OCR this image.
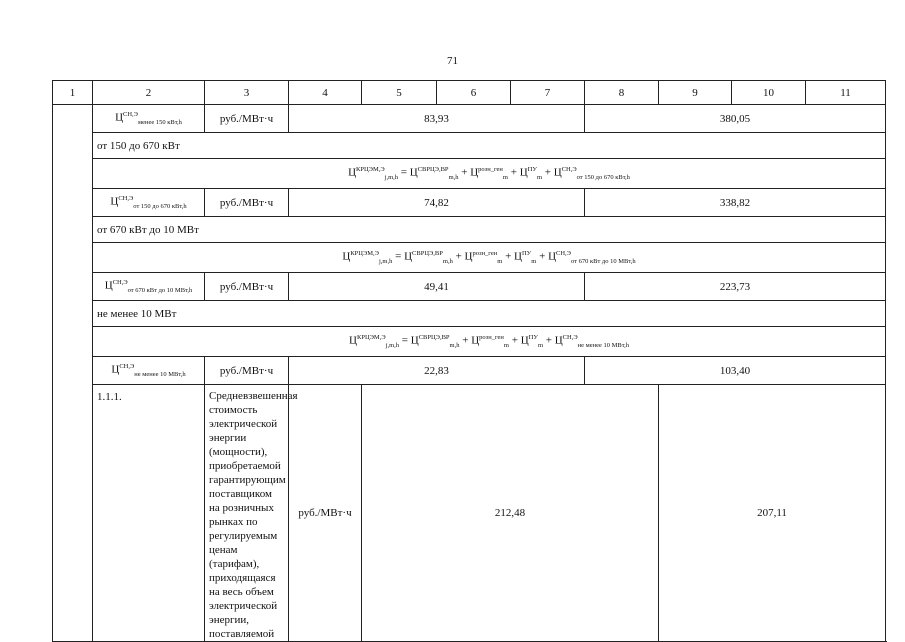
71
1	2	3	4	5	6	7	8	9	10	11
	$Ц^{СН,Э}_{менее 150 кВт,h}$	руб./МВт·ч	83,93				380,05			
	от 150 до 670 кВт									
	$Ц^{КРЦЭМ,Э}_{j,m,h} = Ц^{СВРЦЭ,ВР}_{m,h} + Ц^{розн\_ген}_m + Ц^{ПУ}_m + Ц^{СН,Э}_{от 150 до 670 кВт,h}$
	$Ц^{СН,Э}_{от 150 до 670 кВт,h}$	руб./МВт·ч	74,82				338,82			
	от 670 кВт до 10 МВт									
	$Ц^{КРЦЭМ,Э}_{j,m,h} = Ц^{СВРЦЭ,ВР}_{m,h} + Ц^{розн\_ген}_m + Ц^{ПУ}_m + Ц^{СН,Э}_{от 670 кВт до 10 МВт,h}$
	$Ц^{СН,Э}_{от 670 кВт до 10 МВт,h}$	руб./МВт·ч	49,41				223,73			
	не менее 10 МВт									
	$Ц^{КРЦЭМ,Э}_{j,m,h} = Ц^{СВРЦЭ,ВР}_{m,h} + Ц^{розн\_ген}_m + Ц^{ПУ}_m + Ц^{СН,Э}_{не менее 10 МВт,h}$
	$Ц^{СН,Э}_{не менее 10 МВт,h}$	руб./МВт·ч	22,83				103,40			
	1.1.1.	Средневзвешенная стоимость электрической энергии (мощности), приобретаемой гарантирующим поставщиком на розничных рынках по регулируемым ценам (тарифам), приходящаяся на весь объем электрической энергии, поставляемой	руб./МВт·ч	212,48				207,11		
